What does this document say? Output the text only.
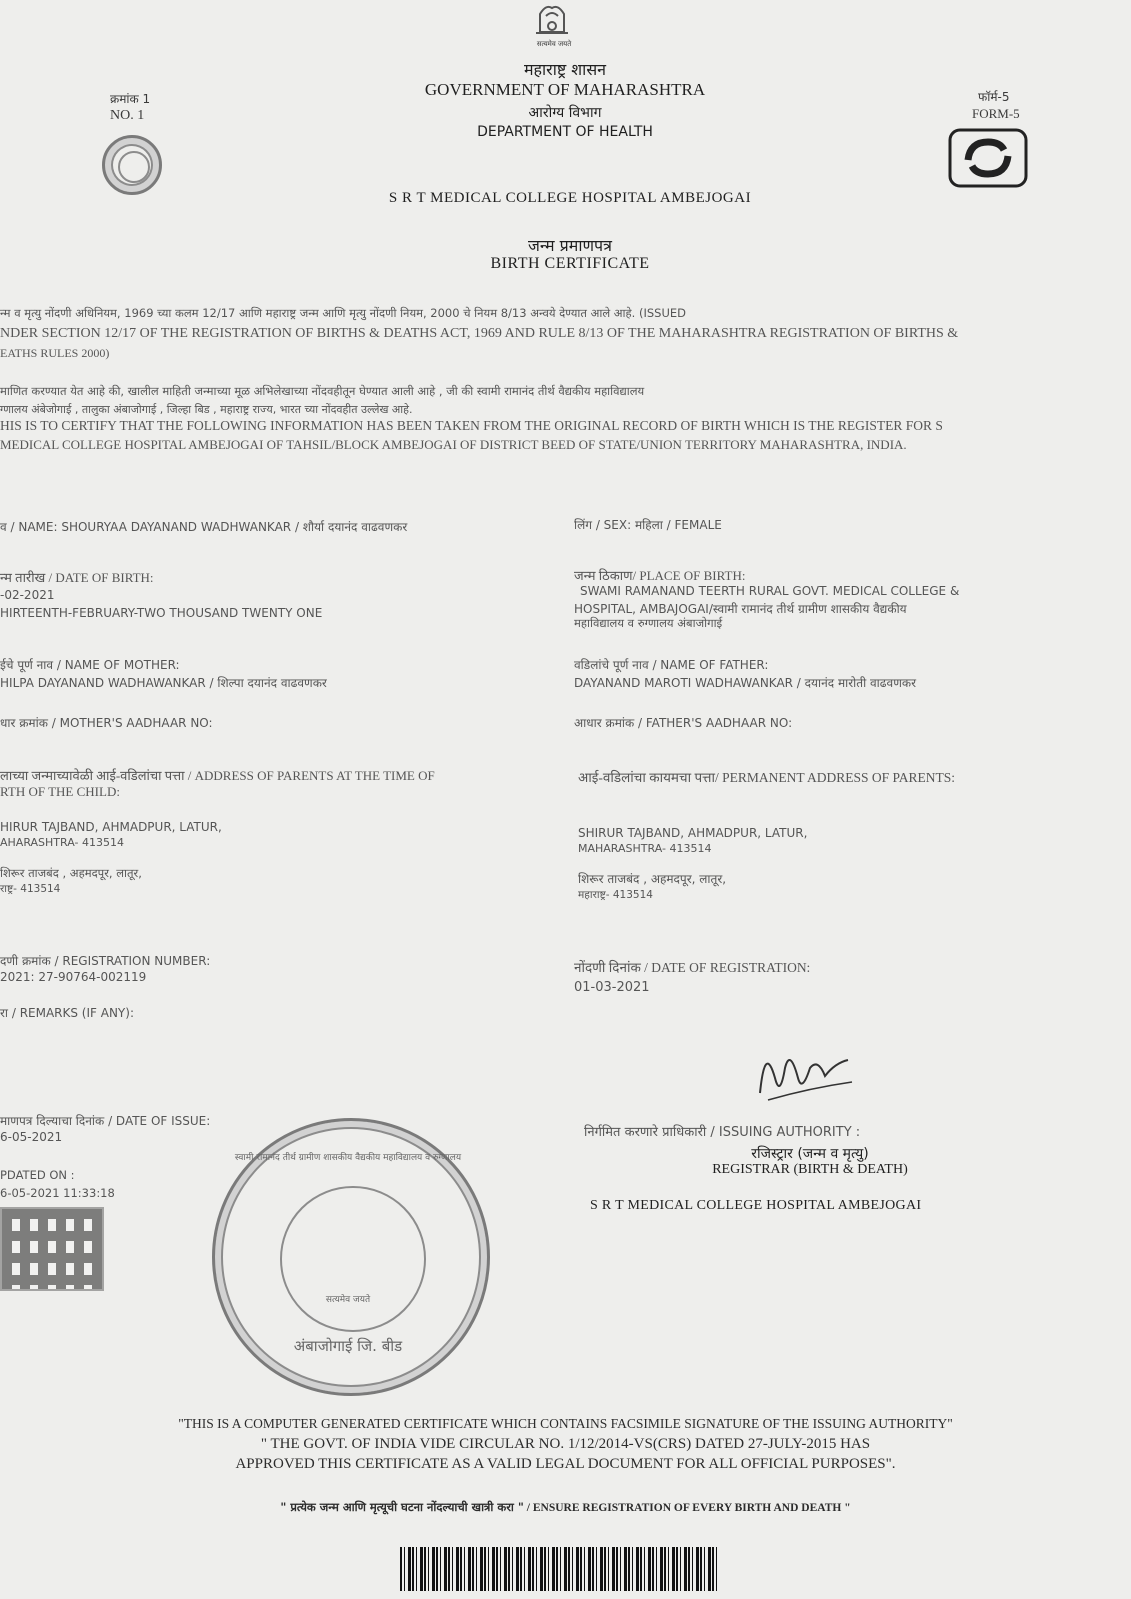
सत्यमेव जयते
महाराष्ट्र शासन
GOVERNMENT OF MAHARASHTRA
आरोग्य विभाग
DEPARTMENT OF HEALTH
क्रमांक 1
NO. 1
फॉर्म-5
FORM-5
S R T MEDICAL COLLEGE HOSPITAL AMBEJOGAI
जन्म प्रमाणपत्र
BIRTH CERTIFICATE
न्म व मृत्यु नोंदणी अधिनियम, 1969 च्या कलम 12/17 आणि महाराष्ट्र जन्म आणि मृत्यु नोंदणी नियम, 2000 चे नियम 8/13 अन्वये देण्यात आले आहे. (ISSUED
NDER SECTION 12/17 OF THE REGISTRATION OF BIRTHS & DEATHS ACT, 1969 AND RULE 8/13 OF THE MAHARASHTRA REGISTRATION OF BIRTHS &
EATHS RULES 2000)
माणित करण्यात येत आहे की, खालील माहिती जन्माच्या मूळ अभिलेखाच्या नोंदवहीतून घेण्यात आली आहे , जी की स्वामी रामानंद तीर्थ वैद्यकीय महाविद्यालय
ग्णालय अंबेजोगाई , तालुका अंबाजोगाई , जिल्हा बिड , महाराष्ट्र राज्य, भारत च्या नोंदवहीत उल्लेख आहे.
HIS IS TO CERTIFY THAT THE FOLLOWING INFORMATION HAS BEEN TAKEN FROM THE ORIGINAL RECORD OF BIRTH WHICH IS THE REGISTER FOR S
MEDICAL COLLEGE HOSPITAL AMBEJOGAI OF TAHSIL/BLOCK AMBEJOGAI OF DISTRICT BEED OF STATE/UNION TERRITORY MAHARASHTRA, INDIA.
व / NAME: SHOURYAA DAYANAND WADHWANKAR / शौर्या दयानंद वाढवणकर	लिंग / SEX: महिला / FEMALE
न्म तारीख / DATE OF BIRTH:
-02-2021
HIRTEENTH-FEBRUARY-TWO THOUSAND TWENTY ONE
जन्म ठिकाण/ PLACE OF BIRTH:
SWAMI RAMANAND TEERTH RURAL GOVT. MEDICAL COLLEGE &
HOSPITAL, AMBAJOGAI/स्वामी रामानंद तीर्थ ग्रामीण शासकीय वैद्यकीय
महाविद्यालय व रुग्णालय अंबाजोगाई
ईचे पूर्ण नाव / NAME OF MOTHER:
HILPA DAYANAND WADHAWANKAR / शिल्पा दयानंद वाढवणकर
वडिलांचे पूर्ण नाव / NAME OF FATHER:
DAYANAND MAROTI WADHAWANKAR / दयानंद मारोती वाढवणकर
धार क्रमांक / MOTHER'S AADHAAR NO:	आधार क्रमांक / FATHER'S AADHAAR NO:
लाच्या जन्माच्यावेळी आई-वडिलांचा पत्ता / ADDRESS OF PARENTS AT THE TIME OF
RTH OF THE CHILD:
आई-वडिलांचा कायमचा पत्ता/ PERMANENT ADDRESS OF PARENTS:
HIRUR TAJBAND, AHMADPUR, LATUR,
AHARASHTRA- 413514
शिरूर ताजबंद , अहमदपूर, लातूर,
राष्ट्र- 413514
SHIRUR TAJBAND, AHMADPUR, LATUR,
MAHARASHTRA- 413514
शिरूर ताजबंद , अहमदपूर, लातूर,
महाराष्ट्र- 413514
दणी क्रमांक / REGISTRATION NUMBER:
2021: 27-90764-002119
नोंदणी दिनांक / DATE OF REGISTRATION:
01-03-2021
रा / REMARKS (IF ANY):
माणपत्र दिल्याचा दिनांक / DATE OF ISSUE:
6-05-2021	निर्गमित करणारे प्राधिकारी / ISSUING AUTHORITY :
रजिस्ट्रार (जन्म व मृत्यु)
REGISTRAR (BIRTH & DEATH)
S R T MEDICAL COLLEGE HOSPITAL AMBEJOGAI
स्वामी रामानंद तीर्थ ग्रामीण शासकीय वैद्यकीय महाविद्यालय व रुग्णालय
सत्यमेव जयते
अंबाजोगाई जि. बीड
PDATED ON :
6-05-2021 11:33:18
"THIS IS A COMPUTER GENERATED CERTIFICATE WHICH CONTAINS FACSIMILE SIGNATURE OF THE ISSUING AUTHORITY"
" THE GOVT. OF INDIA VIDE CIRCULAR NO. 1/12/2014-VS(CRS) DATED 27-JULY-2015 HAS
APPROVED THIS CERTIFICATE AS A VALID LEGAL DOCUMENT FOR ALL OFFICIAL PURPOSES".
" प्रत्येक जन्म आणि मृत्यूची घटना नोंदल्याची खात्री करा " / ENSURE REGISTRATION OF EVERY BIRTH AND DEATH "
